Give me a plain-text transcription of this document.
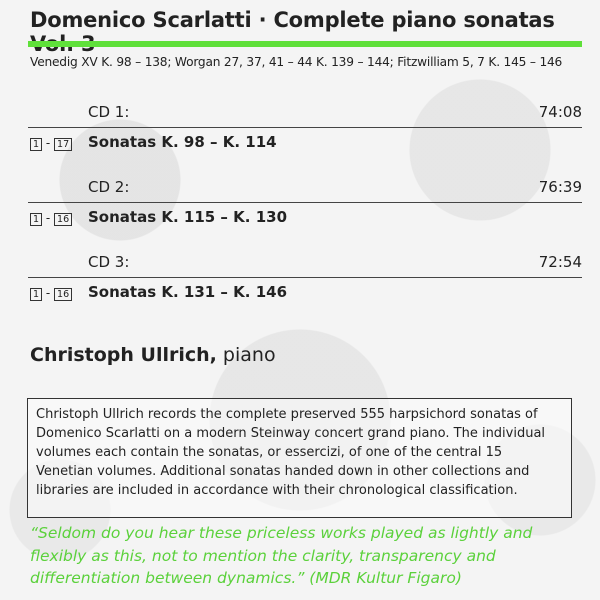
Domenico Scarlatti · Complete piano sonatas
Venedig XV K. 98 – 138; Worgan 27, 37, 41 – 44 K. 139 – 144; Fitzwilliam 5, 7 K. 145 – 146
CD 1:	74:08
1 - 17 Sonatas K. 98 – K. 114
CD 2:	76:39
1 - 16 Sonatas K. 115 – K. 130
CD 3:	72:54
1 - 16 Sonatas K. 131 – K. 146
Christoph Ullrich, piano
Christoph Ullrich records the complete preserved 555 harpsichord sonatas of Domenico Scarlatti on a modern Steinway concert grand piano. The individual volumes each contain the sonatas, or essercizi, of one of the central 15 Venetian volumes. Additional sonatas handed down in other collections and libraries are included in accordance with their chronological classification.
“Seldom do you hear these priceless works played as lightly and flexibly as this, not to mention the clarity, transparency and differentiation between dynamics.” (MDR Kultur Figaro)
